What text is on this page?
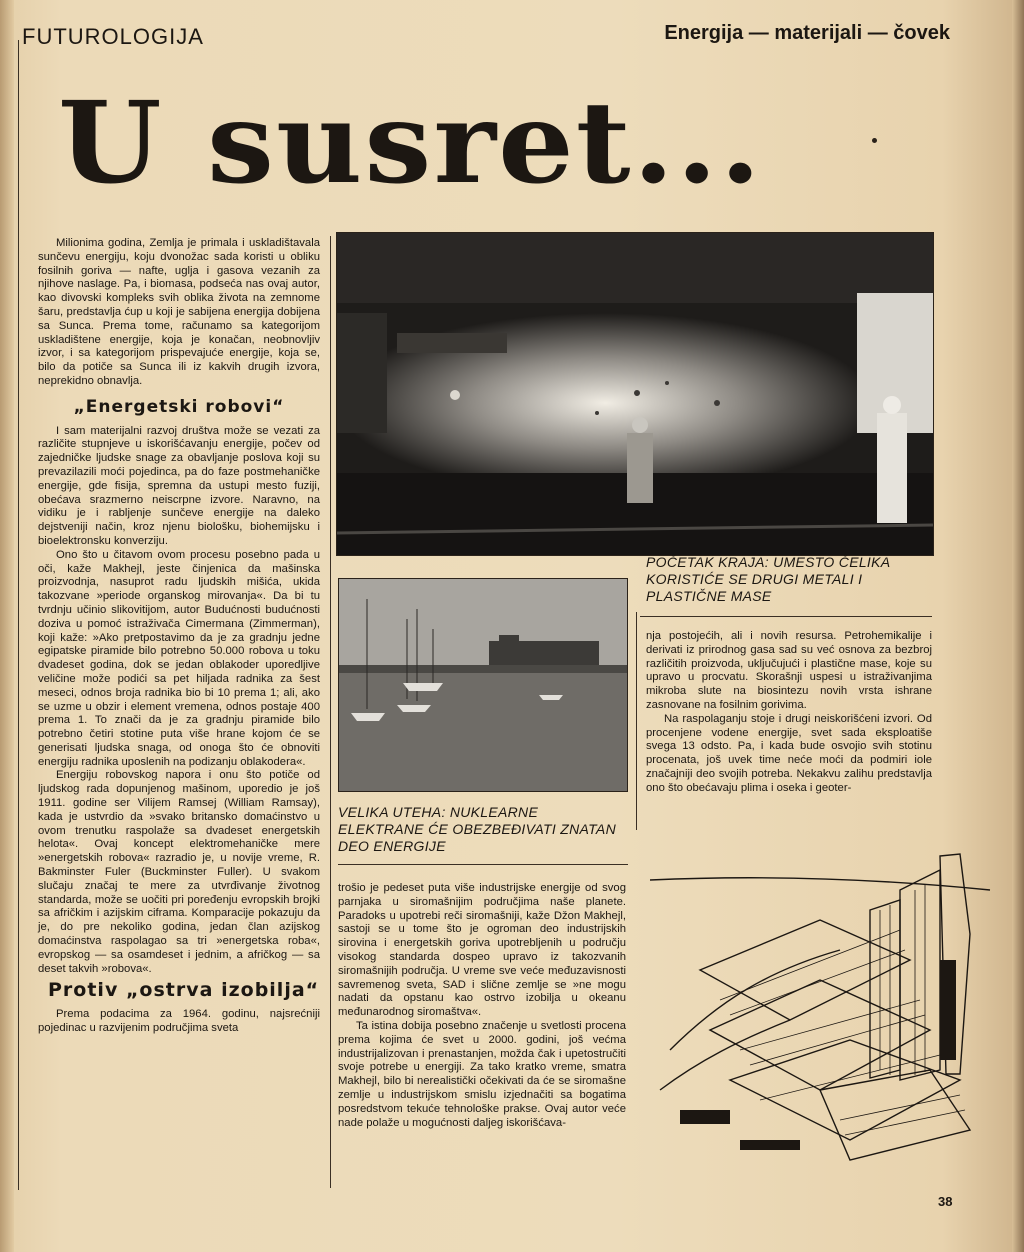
FUTUROLOGIJA	Energija — materijali — čovek
U susret...

Milionima godina, Zemlja je primala i uskladištavala sunčevu energiju, koju dvonožac sada koristi u obliku fosilnih goriva — nafte, uglja i gasova vezanih za njihove naslage. Pa, i biomasa, podseća nas ovaj autor, kao divovski kompleks svih oblika života na zemnome šaru, predstavlja ćup u koji je sabijena energija dobijena sa Sunca. Prema tome, računamo sa kategorijom uskladištene energije, koja je konačan, neobnovljiv izvor, i sa kategorijom prispevajuće energije, koja se, bilo da potiče sa Sunca ili iz kakvih drugih izvora, neprekidno obnavlja.

„Energetski robovi“

I sam materijalni razvoj društva može se vezati za različite stupnjeve u iskorišćavanju energije, počev od zajedničke ljudske snage za obavljanje poslova koji su prevazilazili moći pojedinca, pa do faze postmehaničke energije, gde fisija, spremna da ustupi mesto fuziji, obećava srazmerno neiscrpne izvore. Naravno, na vidiku je i rabljenje sunčeve energije na daleko dejstveniji način, kroz njenu biološku, biohemijsku i bioelektronsku konverziju.

Ono što u čitavom ovom procesu posebno pada u oči, kaže Makhejl, jeste činjenica da mašinska proizvodnja, nasuprot radu ljudskih mišića, ukida takozvane »periode organskog mirovanja«. Da bi tu tvrdnju učinio slikovitijom, autor Budućnosti budućnosti doziva u pomoć istraživača Cimermana (Zimmerman), koji kaže: »Ako pretpostavimo da je za gradnju jedne egipatske piramide bilo potrebno 50.000 robova u toku dvadeset godina, dok se jedan oblakoder uporedljive veličine može podići sa pet hiljada radnika za šest meseci, odnos broja radnika bio bi 10 prema 1; ali, ako se uzme u obzir i element vremena, odnos postaje 400 prema 1. To znači da je za gradnju piramide bilo potrebno četiri stotine puta više hrane kojom će se generisati ljudska snaga, od onoga što će obnoviti energiju radnika uposlenih na podizanju oblakodera«.

Energiju robovskog napora i onu što potiče od ljudskog rada dopunjenog mašinom, uporedio je još 1911. godine ser Vilijem Ramsej (William Ramsay), kada je ustvrdio da »svako britansko domaćinstvo u ovom trenutku raspolaže sa dvadeset energetskih helota«. Ovaj koncept elektromehaničke mere »energetskih robova« razradio je, u novije vreme, R. Bakminster Fuler (Buckminster Fuller). U svakom slučaju značaj te mere za utvrđivanje životnog standarda, može se uočiti pri poređenju evropskih brojki sa afričkim i azijskim ciframa. Komparacije pokazuju da je, do pre nekoliko godina, jedan član azijskog domaćinstva raspolagao sa tri »energetska roba«, evropskog — sa osamdeset i jednim, a afričkog — sa deset takvih »robova«.

Protiv „ostrva izobilja“

Prema podacima za 1964. godinu, najsrećniji pojedinac u razvijenim područjima sveta

POČETAK KRAJA: UMESTO ČELIKA KORISTIĆE SE DRUGI METALI I PLASTIČNE MASE
VELIKA UTEHA: NUKLEARNE ELEKTRANE ĆE OBEZBEĐIVATI ZNATAN DEO ENERGIJE

nja postojećih, ali i novih resursa. Petrohemikalije i derivati iz prirodnog gasa sad su već osnova za bezbroj različitih proizvoda, uključujući i plastične mase, koje su upravo u procvatu. Skorašnji uspesi u istraživanjima mikroba slute na biosintezu novih vrsta ishrane zasnovane na fosilnim gorivima.

Na raspolaganju stoje i drugi neiskorišćeni izvori. Od procenjene vodene energije, svet sada eksploatiše svega 13 odsto. Pa, i kada bude osvojio svih stotinu procenata, još uvek time neće moći da podmiri iole značajniji deo svojih potreba. Nekakvu zalihu predstavlja ono što obećavaju plima i oseka i geoter-

trošio je pedeset puta više industrijske energije od svog parnjaka u siromašnijim područjima naše planete. Paradoks u upotrebi reči siromašniji, kaže Džon Makhejl, sastoji se u tome što je ogroman deo industrijskih sirovina i energetskih goriva upotrebljenih u području visokog standarda dospeo upravo iz takozvanih siromašnijih područja. U vreme sve veće međuzavisnosti savremenog sveta, SAD i slične zemlje se »ne mogu nadati da opstanu kao ostrvo izobilja u okeanu međunarodnog siromaštva«.

Ta istina dobija posebno značenje u svetlosti procena prema kojima će svet u 2000. godini, još većma industrijalizovan i prenastanjen, možda čak i upetostručiti svoje potrebe u energiji. Za tako kratko vreme, smatra Makhejl, bilo bi nerealistički očekivati da će se siromašne zemlje u industrijskom smislu izjednačiti sa bogatima posredstvom tekuće tehnološke prakse. Ovaj autor veće nade polaže u mogućnosti daljeg iskorišćava-

38
